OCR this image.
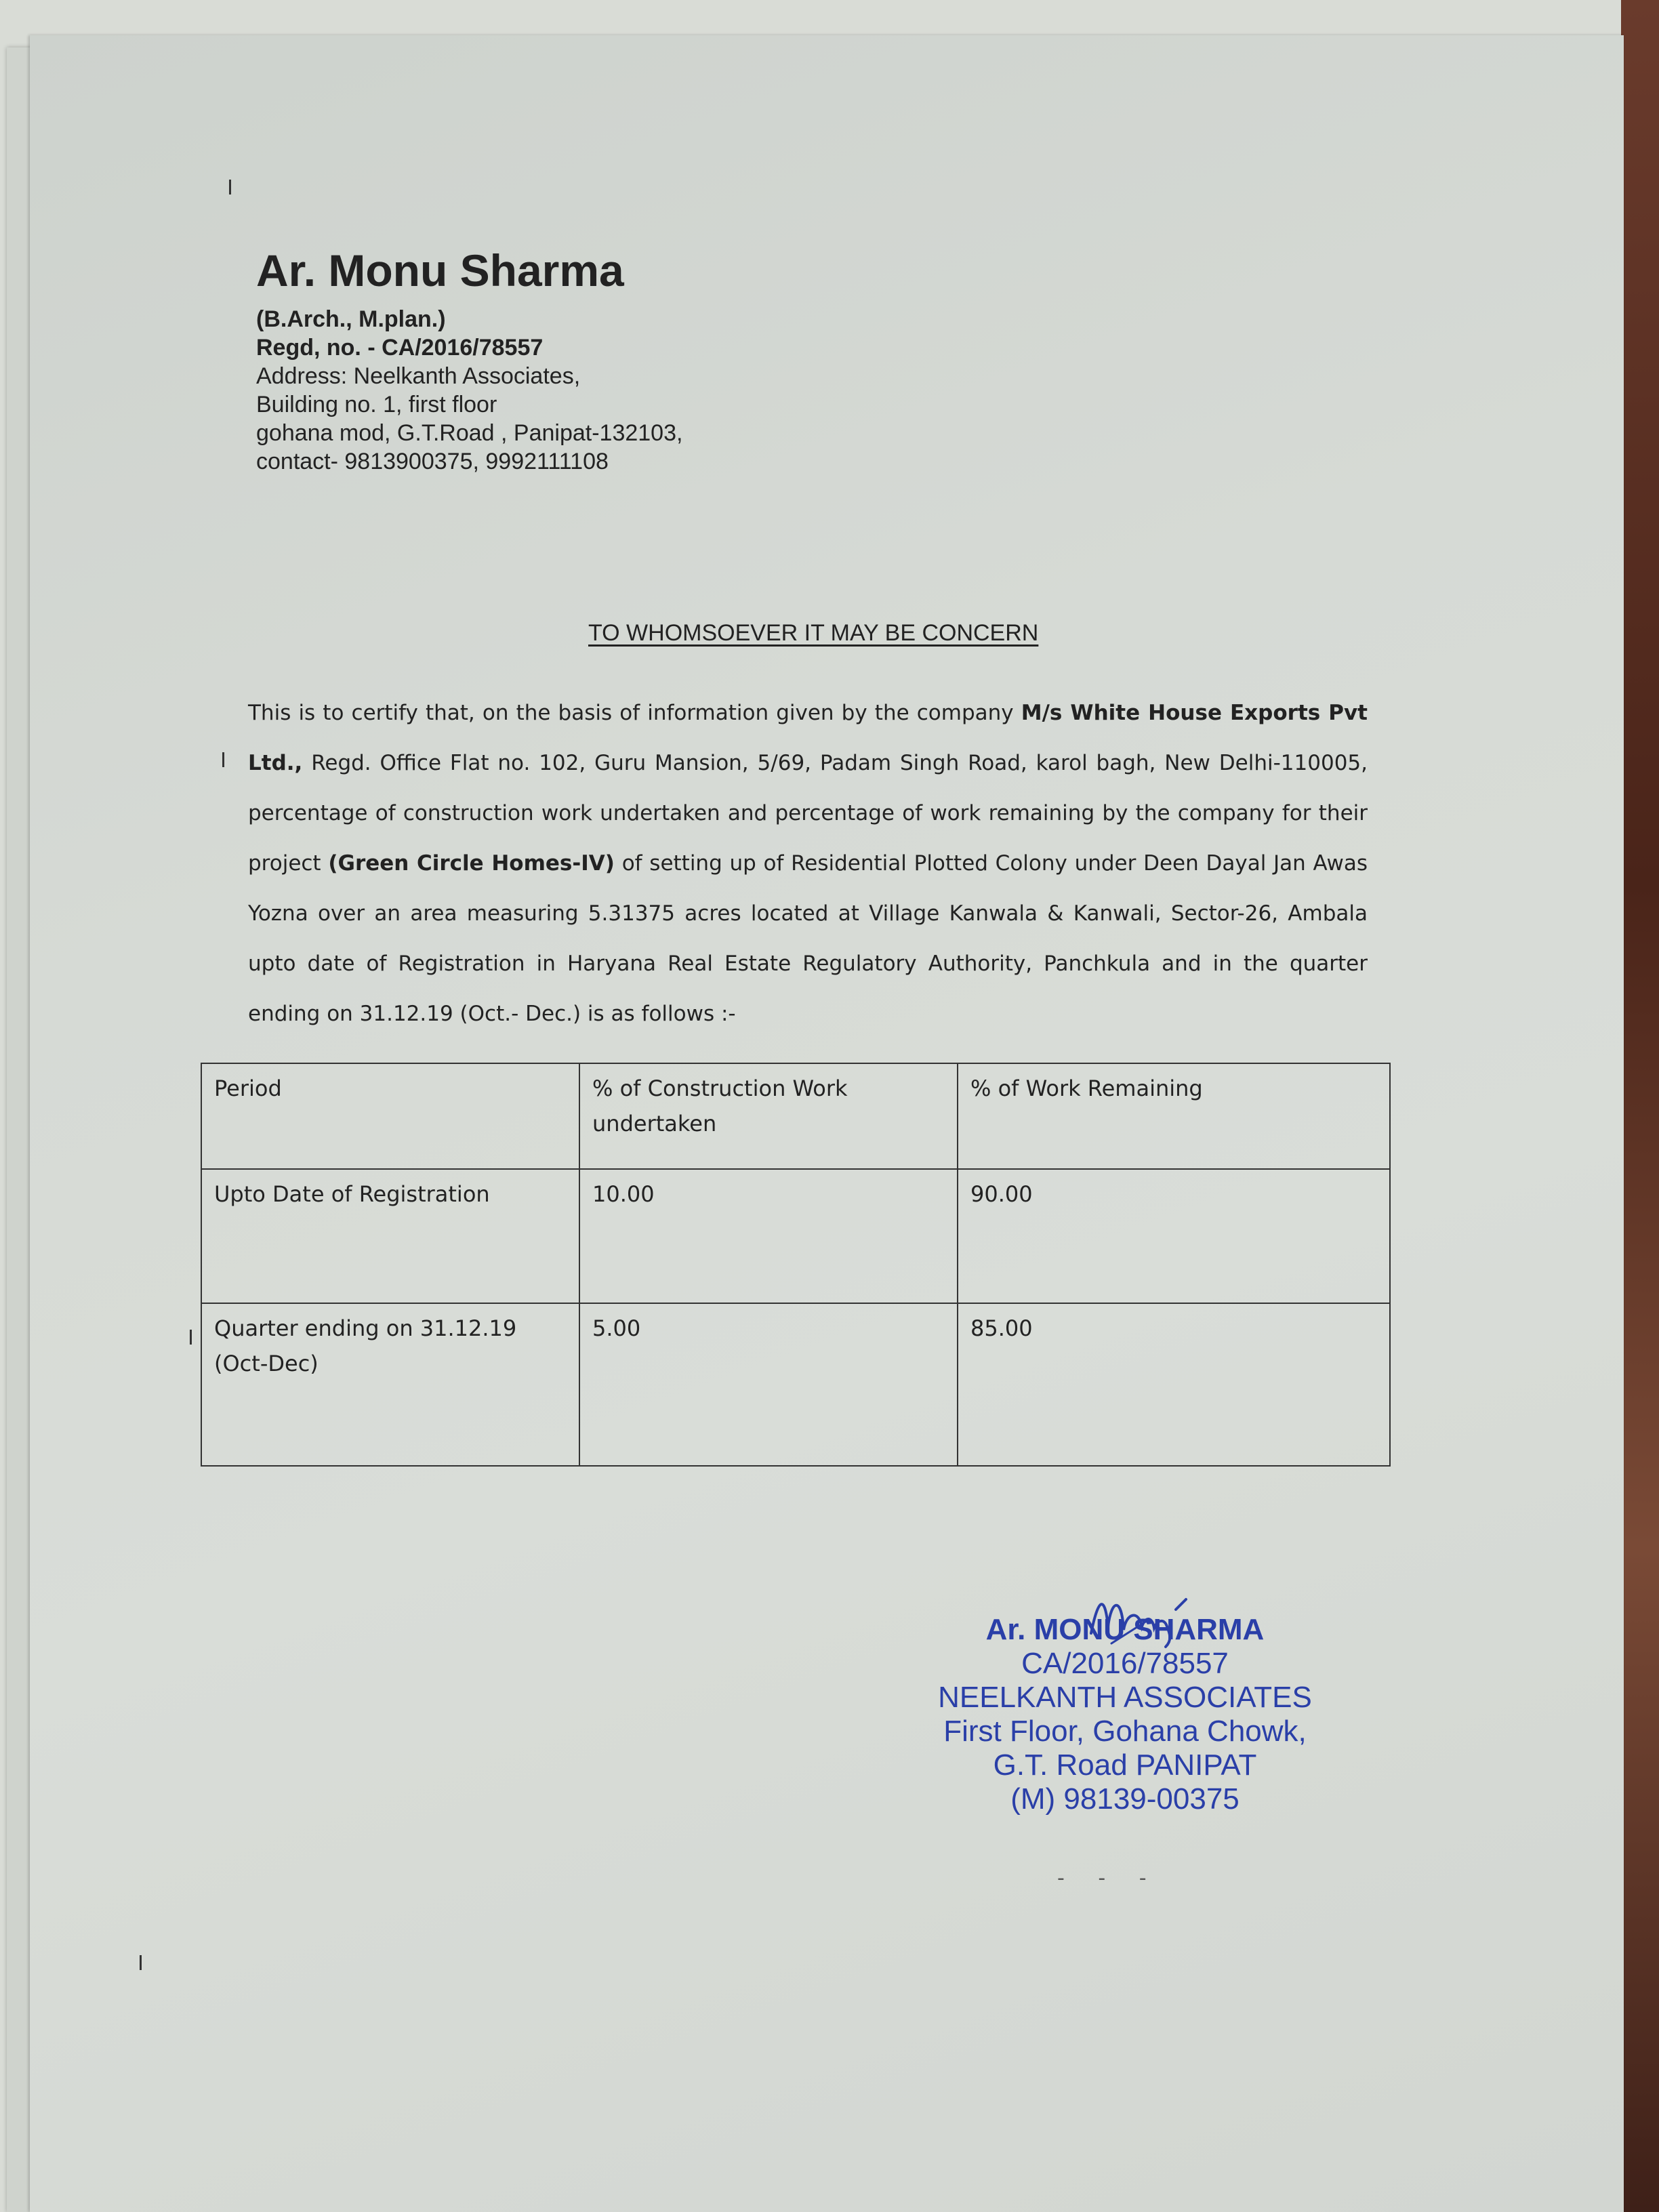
Ar. Monu Sharma
(B.Arch., M.plan.)
Regd, no. - CA/2016/78557
Address: Neelkanth Associates,
Building no. 1, first floor
gohana mod, G.T.Road , Panipat-132103,
contact- 9813900375, 9992111108
TO WHOMSOEVER IT MAY BE CONCERN
This is to certify that, on the basis of information given by the company M/s White House Exports Pvt Ltd., Regd. Office Flat no. 102, Guru Mansion, 5/69, Padam Singh Road, karol bagh, New Delhi-110005, percentage of construction work undertaken and percentage of work remaining by the company for their project (Green Circle Homes-IV) of setting up of Residential Plotted Colony under Deen Dayal Jan Awas Yozna over an area measuring 5.31375 acres located at Village Kanwala & Kanwali, Sector-26, Ambala upto date of Registration in Haryana Real Estate Regulatory Authority, Panchkula and in the quarter ending on 31.12.19 (Oct.- Dec.) is as follows :-
Period	% of Construction Work undertaken	% of Work Remaining
Upto Date of Registration	10.00	90.00
Quarter ending on 31.12.19 (Oct-Dec)	5.00	85.00
Ar. MONU SHARMA
CA/2016/78557
NEELKANTH ASSOCIATES
First Floor, Gohana Chowk,
G.T. Road PANIPAT
(M) 98139-00375
- - -
